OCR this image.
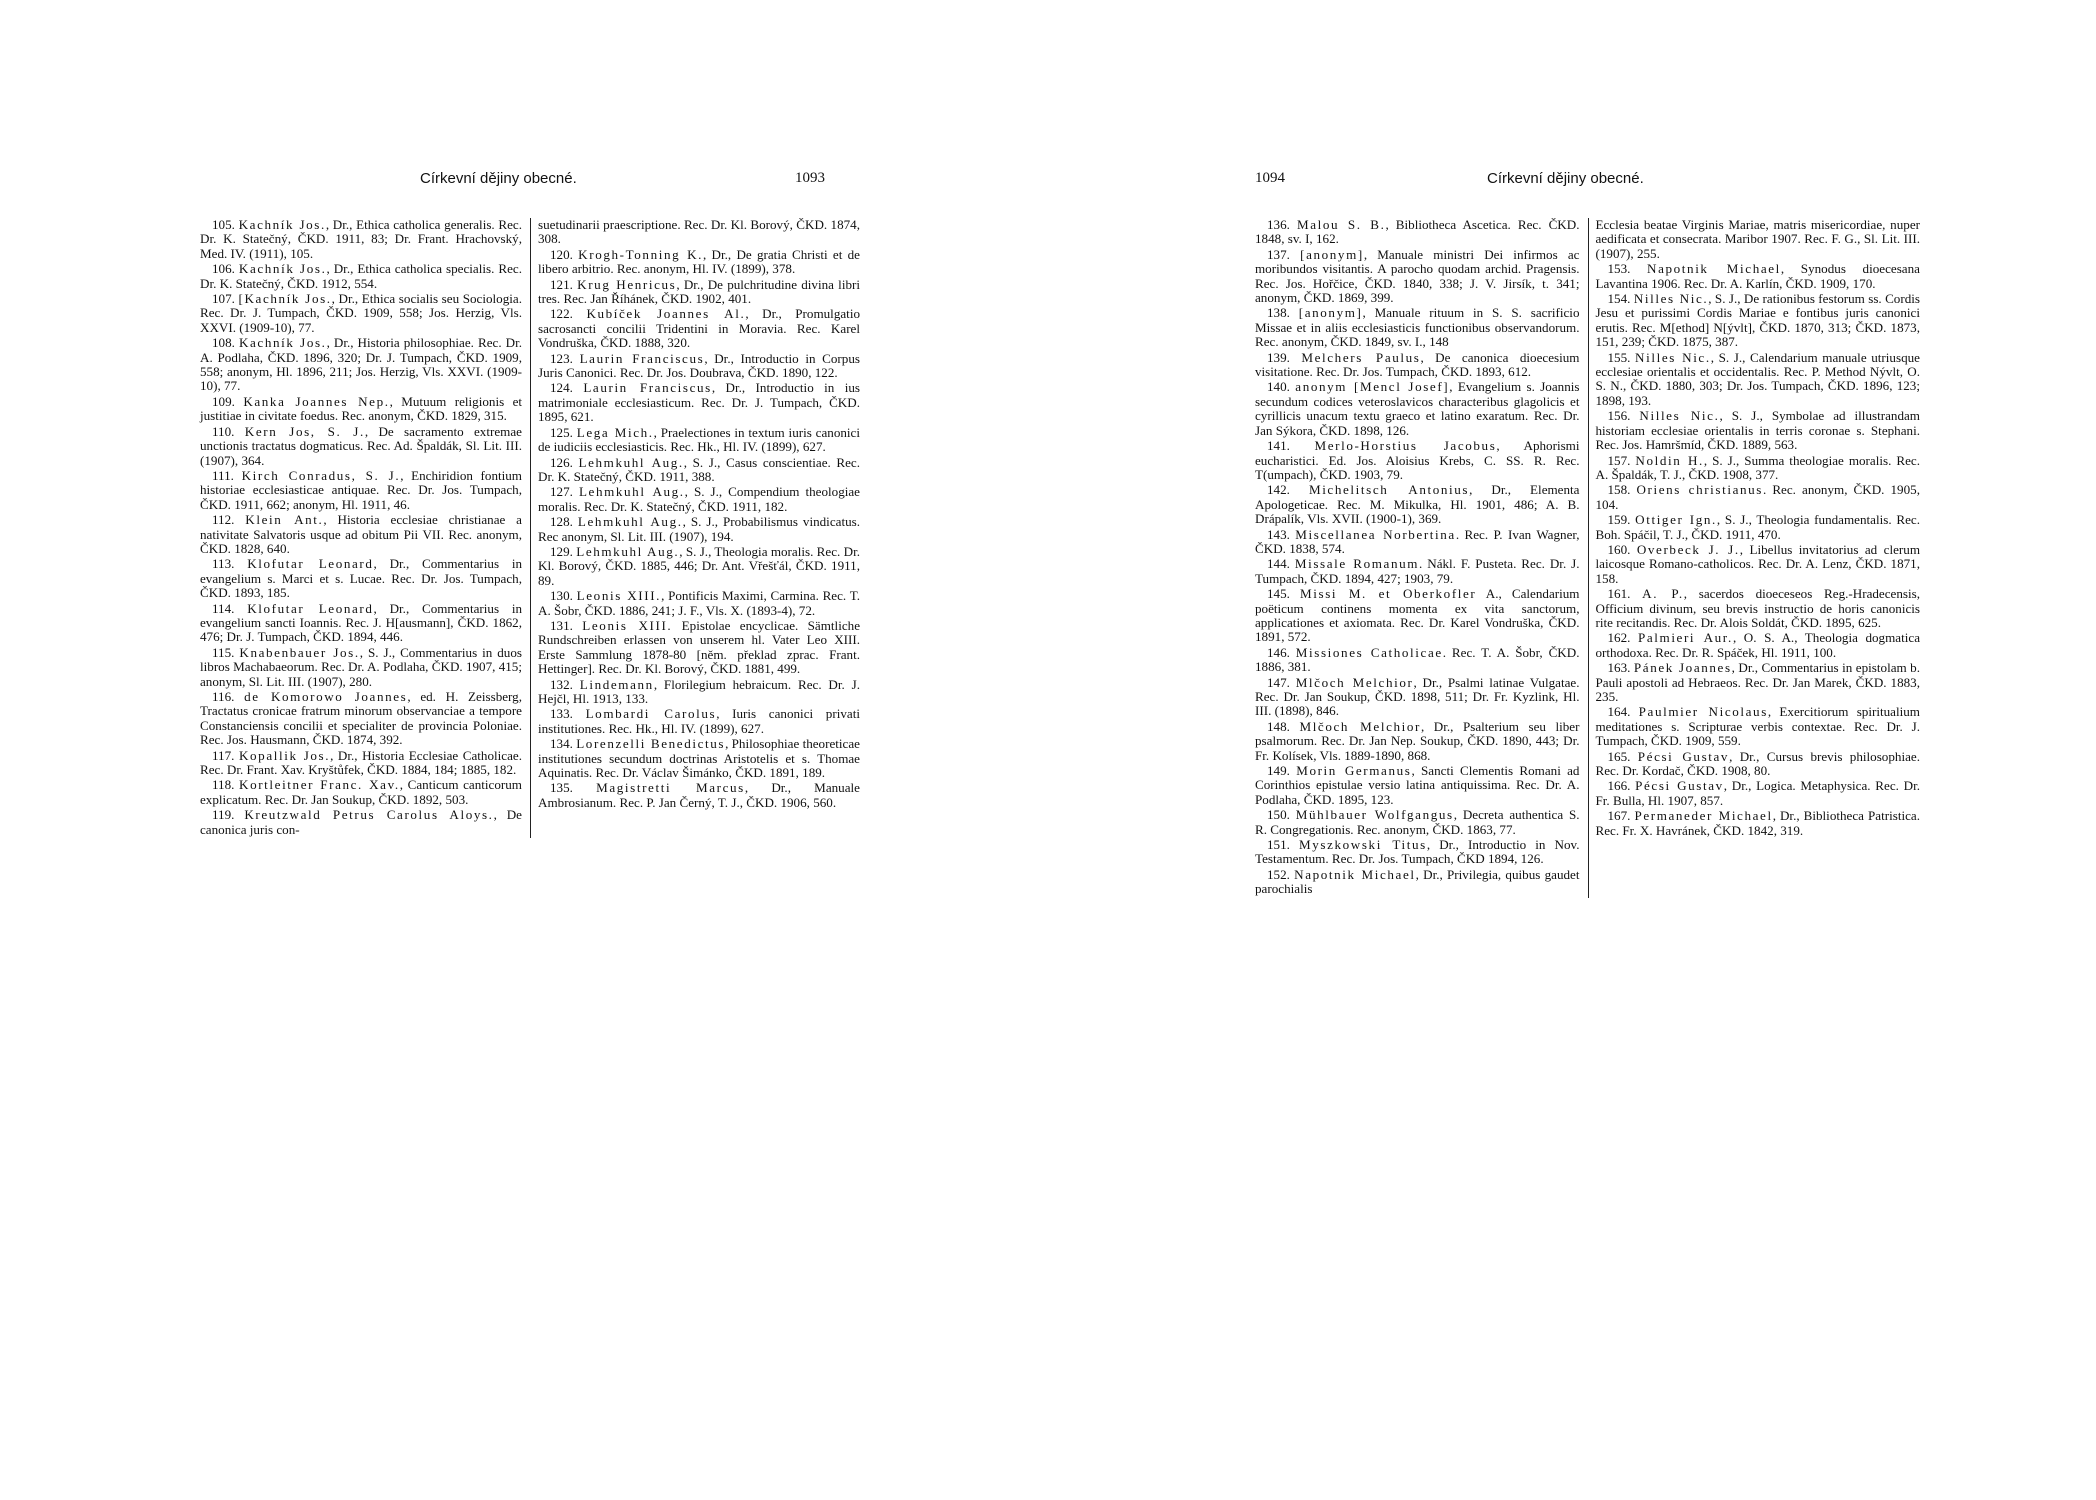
Církevní dějiny obecné.	1093

105. Kachník Jos., Dr., Ethica catholica generalis. Rec. Dr. K. Statečný, ČKD. 1911, 83; Dr. Frant. Hrachovský, Med. IV. (1911), 105.

106. Kachník Jos., Dr., Ethica catholica specialis. Rec. Dr. K. Statečný, ČKD. 1912, 554.

107. [Kachník Jos., Dr., Ethica socialis seu Sociologia. Rec. Dr. J. Tumpach, ČKD. 1909, 558; Jos. Herzig, Vls. XXVI. (1909-10), 77.

108. Kachník Jos., Dr., Historia philosophiae. Rec. Dr. A. Podlaha, ČKD. 1896, 320; Dr. J. Tumpach, ČKD. 1909, 558; anonym, Hl. 1896, 211; Jos. Herzig, Vls. XXVI. (1909-10), 77.

109. Kanka Joannes Nep., Mutuum religionis et justitiae in civitate foedus. Rec. anonym, ČKD. 1829, 315.

110. Kern Jos, S. J., De sacramento extremae unctionis tractatus dogmaticus. Rec. Ad. Špaldák, Sl. Lit. III. (1907), 364.

111. Kirch Conradus, S. J., Enchiridion fontium historiae ecclesiasticae antiquae. Rec. Dr. Jos. Tumpach, ČKD. 1911, 662; anonym, Hl. 1911, 46.

112. Klein Ant., Historia ecclesiae christianae a nativitate Salvatoris usque ad obitum Pii VII. Rec. anonym, ČKD. 1828, 640.

113. Klofutar Leonard, Dr., Commentarius in evangelium s. Marci et s. Lucae. Rec. Dr. Jos. Tumpach, ČKD. 1893, 185.

114. Klofutar Leonard, Dr., Commentarius in evangelium sancti Ioannis. Rec. J. H[ausmann], ČKD. 1862, 476; Dr. J. Tumpach, ČKD. 1894, 446.

115. Knabenbauer Jos., S. J., Commentarius in duos libros Machabaeorum. Rec. Dr. A. Podlaha, ČKD. 1907, 415; anonym, Sl. Lit. III. (1907), 280.

116. de Komorowo Joannes, ed. H. Zeissberg, Tractatus cronicae fratrum minorum observanciae a tempore Constanciensis concilii et specialiter de provincia Poloniae. Rec. Jos. Hausmann, ČKD. 1874, 392.

117. Kopallik Jos., Dr., Historia Ecclesiae Catholicae. Rec. Dr. Frant. Xav. Kryštůfek, ČKD. 1884, 184; 1885, 182.

118. Kortleitner Franc. Xav., Canticum canticorum explicatum. Rec. Dr. Jan Soukup, ČKD. 1892, 503.

119. Kreutzwald Petrus Carolus Aloys., De canonica juris con-

suetudinarii praescriptione. Rec. Dr. Kl. Borový, ČKD. 1874, 308.

120. Krogh-Tonning K., Dr., De gratia Christi et de libero arbitrio. Rec. anonym, Hl. IV. (1899), 378.

121. Krug Henricus, Dr., De pulchritudine divina libri tres. Rec. Jan Říhánek, ČKD. 1902, 401.

122. Kubíček Joannes Al., Dr., Promulgatio sacrosancti concilii Tridentini in Moravia. Rec. Karel Vondruška, ČKD. 1888, 320.

123. Laurin Franciscus, Dr., Introductio in Corpus Juris Canonici. Rec. Dr. Jos. Doubrava, ČKD. 1890, 122.

124. Laurin Franciscus, Dr., Introductio in ius matrimoniale ecclesiasticum. Rec. Dr. J. Tumpach, ČKD. 1895, 621.

125. Lega Mich., Praelectiones in textum iuris canonici de iudiciis ecclesiasticis. Rec. Hk., Hl. IV. (1899), 627.

126. Lehmkuhl Aug., S. J., Casus conscientiae. Rec. Dr. K. Statečný, ČKD. 1911, 388.

127. Lehmkuhl Aug., S. J., Compendium theologiae moralis. Rec. Dr. K. Statečný, ČKD. 1911, 182.

128. Lehmkuhl Aug., S. J., Probabilismus vindicatus. Rec anonym, Sl. Lit. III. (1907), 194.

129. Lehmkuhl Aug., S. J., Theologia moralis. Rec. Dr. Kl. Borový, ČKD. 1885, 446; Dr. Ant. Vřešťál, ČKD. 1911, 89.

130. Leonis XIII., Pontificis Maximi, Carmina. Rec. T. A. Šobr, ČKD. 1886, 241; J. F., Vls. X. (1893-4), 72.

131. Leonis XIII. Epistolae encyclicae. Sämtliche Rundschreiben erlassen von unserem hl. Vater Leo XIII. Erste Sammlung 1878-80 [něm. překlad zprac. Frant. Hettinger]. Rec. Dr. Kl. Borový, ČKD. 1881, 499.

132. Lindemann, Florilegium hebraicum. Rec. Dr. J. Hejčl, Hl. 1913, 133.

133. Lombardi Carolus, Iuris canonici privati institutiones. Rec. Hk., Hl. IV. (1899), 627.

134. Lorenzelli Benedictus, Philosophiae theoreticae institutiones secundum doctrinas Aristotelis et s. Thomae Aquinatis. Rec. Dr. Václav Šimánko, ČKD. 1891, 189.

135. Magistretti Marcus, Dr., Manuale Ambrosianum. Rec. P. Jan Černý, T. J., ČKD. 1906, 560.

1094	Církevní dějiny obecné.

136. Malou S. B., Bibliotheca Ascetica. Rec. ČKD. 1848, sv. I, 162.

137. [anonym], Manuale ministri Dei infirmos ac moribundos visitantis. A parocho quodam archid. Pragensis. Rec. Jos. Hořčice, ČKD. 1840, 338; J. V. Jirsík, t. 341; anonym, ČKD. 1869, 399.

138. [anonym], Manuale rituum in S. S. sacrificio Missae et in aliis ecclesiasticis functionibus observandorum. Rec. anonym, ČKD. 1849, sv. I., 148

139. Melchers Paulus, De canonica dioecesium visitatione. Rec. Dr. Jos. Tumpach, ČKD. 1893, 612.

140. anonym [Mencl Josef], Evangelium s. Joannis secundum codices veteroslavicos characteribus glagolicis et cyrillicis unacum textu graeco et latino exaratum. Rec. Dr. Jan Sýkora, ČKD. 1898, 126.

141. Merlo-Horstius Jacobus, Aphorismi eucharistici. Ed. Jos. Aloisius Krebs, C. SS. R. Rec. T(umpach), ČKD. 1903, 79.

142. Michelitsch Antonius, Dr., Elementa Apologeticae. Rec. M. Mikulka, Hl. 1901, 486; A. B. Drápalík, Vls. XVII. (1900-1), 369.

143. Miscellanea Norbertina. Rec. P. Ivan Wagner, ČKD. 1838, 574.

144. Missale Romanum. Nákl. F. Pusteta. Rec. Dr. J. Tumpach, ČKD. 1894, 427; 1903, 79.

145. Missi M. et Oberkofler A., Calendarium poëticum continens momenta ex vita sanctorum, applicationes et axiomata. Rec. Dr. Karel Vondruška, ČKD. 1891, 572.

146. Missiones Catholicae. Rec. T. A. Šobr, ČKD. 1886, 381.

147. Mlčoch Melchior, Dr., Psalmi latinae Vulgatae. Rec. Dr. Jan Soukup, ČKD. 1898, 511; Dr. Fr. Kyzlink, Hl. III. (1898), 846.

148. Mlčoch Melchior, Dr., Psalterium seu liber psalmorum. Rec. Dr. Jan Nep. Soukup, ČKD. 1890, 443; Dr. Fr. Kolísek, Vls. 1889-1890, 868.

149. Morin Germanus, Sancti Clementis Romani ad Corinthios epistulae versio latina antiquissima. Rec. Dr. A. Podlaha, ČKD. 1895, 123.

150. Mühlbauer Wolfgangus, Decreta authentica S. R. Congregationis. Rec. anonym, ČKD. 1863, 77.

151. Myszkowski Titus, Dr., Introductio in Nov. Testamentum. Rec. Dr. Jos. Tumpach, ČKD 1894, 126.

152. Napotnik Michael, Dr., Privilegia, quibus gaudet parochialis

Ecclesia beatae Virginis Mariae, matris misericordiae, nuper aedificata et consecrata. Maribor 1907. Rec. F. G., Sl. Lit. III. (1907), 255.

153. Napotnik Michael, Synodus dioecesana Lavantina 1906. Rec. Dr. A. Karlín, ČKD. 1909, 170.

154. Nilles Nic., S. J., De rationibus festorum ss. Cordis Jesu et purissimi Cordis Mariae e fontibus juris canonici erutis. Rec. M[ethod] N[ývlt], ČKD. 1870, 313; ČKD. 1873, 151, 239; ČKD. 1875, 387.

155. Nilles Nic., S. J., Calendarium manuale utriusque ecclesiae orientalis et occidentalis. Rec. P. Method Nývlt, O. S. N., ČKD. 1880, 303; Dr. Jos. Tumpach, ČKD. 1896, 123; 1898, 193.

156. Nilles Nic., S. J., Symbolae ad illustrandam historiam ecclesiae orientalis in terris coronae s. Stephani. Rec. Jos. Hamršmíd, ČKD. 1889, 563.

157. Noldin H., S. J., Summa theologiae moralis. Rec. A. Špaldák, T. J., ČKD. 1908, 377.

158. Oriens christianus. Rec. anonym, ČKD. 1905, 104.

159. Ottiger Ign., S. J., Theologia fundamentalis. Rec. Boh. Spáčil, T. J., ČKD. 1911, 470.

160. Overbeck J. J., Libellus invitatorius ad clerum laicosque Romano-catholicos. Rec. Dr. A. Lenz, ČKD. 1871, 158.

161. A. P., sacerdos dioeceseos Reg.-Hradecensis, Officium divinum, seu brevis instructio de horis canonicis rite recitandis. Rec. Dr. Alois Soldát, ČKD. 1895, 625.

162. Palmieri Aur., O. S. A., Theologia dogmatica orthodoxa. Rec. Dr. R. Spáček, Hl. 1911, 100.

163. Pánek Joannes, Dr., Commentarius in epistolam b. Pauli apostoli ad Hebraeos. Rec. Dr. Jan Marek, ČKD. 1883, 235.

164. Paulmier Nicolaus, Exercitiorum spiritualium meditationes s. Scripturae verbis contextae. Rec. Dr. J. Tumpach, ČKD. 1909, 559.

165. Pécsi Gustav, Dr., Cursus brevis philosophiae. Rec. Dr. Kordač, ČKD. 1908, 80.

166. Pécsi Gustav, Dr., Logica. Metaphysica. Rec. Dr. Fr. Bulla, Hl. 1907, 857.

167. Permaneder Michael, Dr., Bibliotheca Patristica. Rec. Fr. X. Havránek, ČKD. 1842, 319.
